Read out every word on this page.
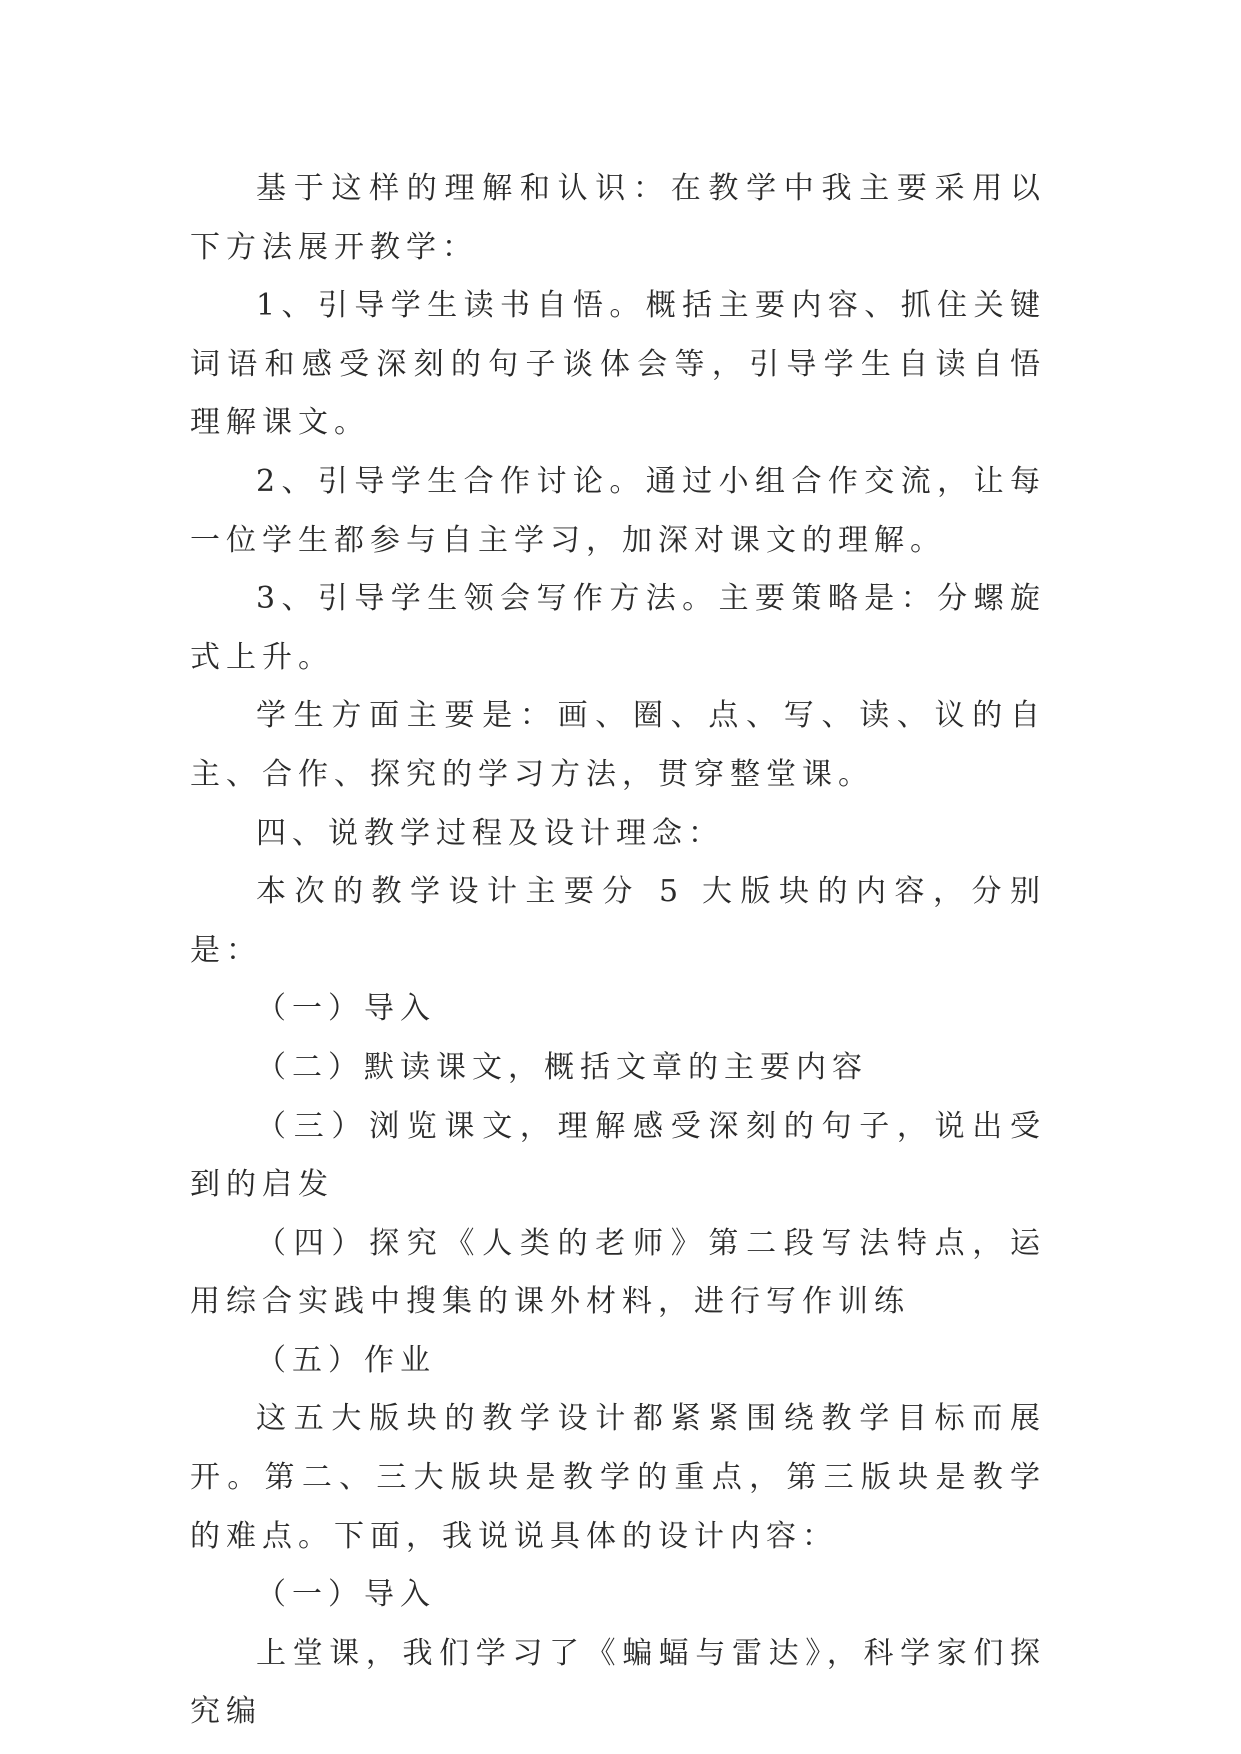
基于这样的理解和认识：在教学中我主要采用以下方法展开教学：

1、引导学生读书自悟。概括主要内容、抓住关键词语和感受深刻的句子谈体会等，引导学生自读自悟理解课文。

2、引导学生合作讨论。通过小组合作交流，让每一位学生都参与自主学习，加深对课文的理解。

3、引导学生领会写作方法。主要策略是：分螺旋式上升。

学生方面主要是：画、圈、点、写、读、议的自主、合作、探究的学习方法，贯穿整堂课。

四、说教学过程及设计理念：

本次的教学设计主要分 5 大版块的内容，分别是：

（一）导入

（二）默读课文，概括文章的主要内容

（三）浏览课文，理解感受深刻的句子，说出受到的启发

（四）探究《人类的老师》第二段写法特点，运用综合实践中搜集的课外材料，进行写作训练

（五）作业

这五大版块的教学设计都紧紧围绕教学目标而展开。第二、三大版块是教学的重点，第三版块是教学的难点。下面，我说说具体的设计内容：

（一）导入

上堂课，我们学习了《蝙蝠与雷达》，科学家们探究编
